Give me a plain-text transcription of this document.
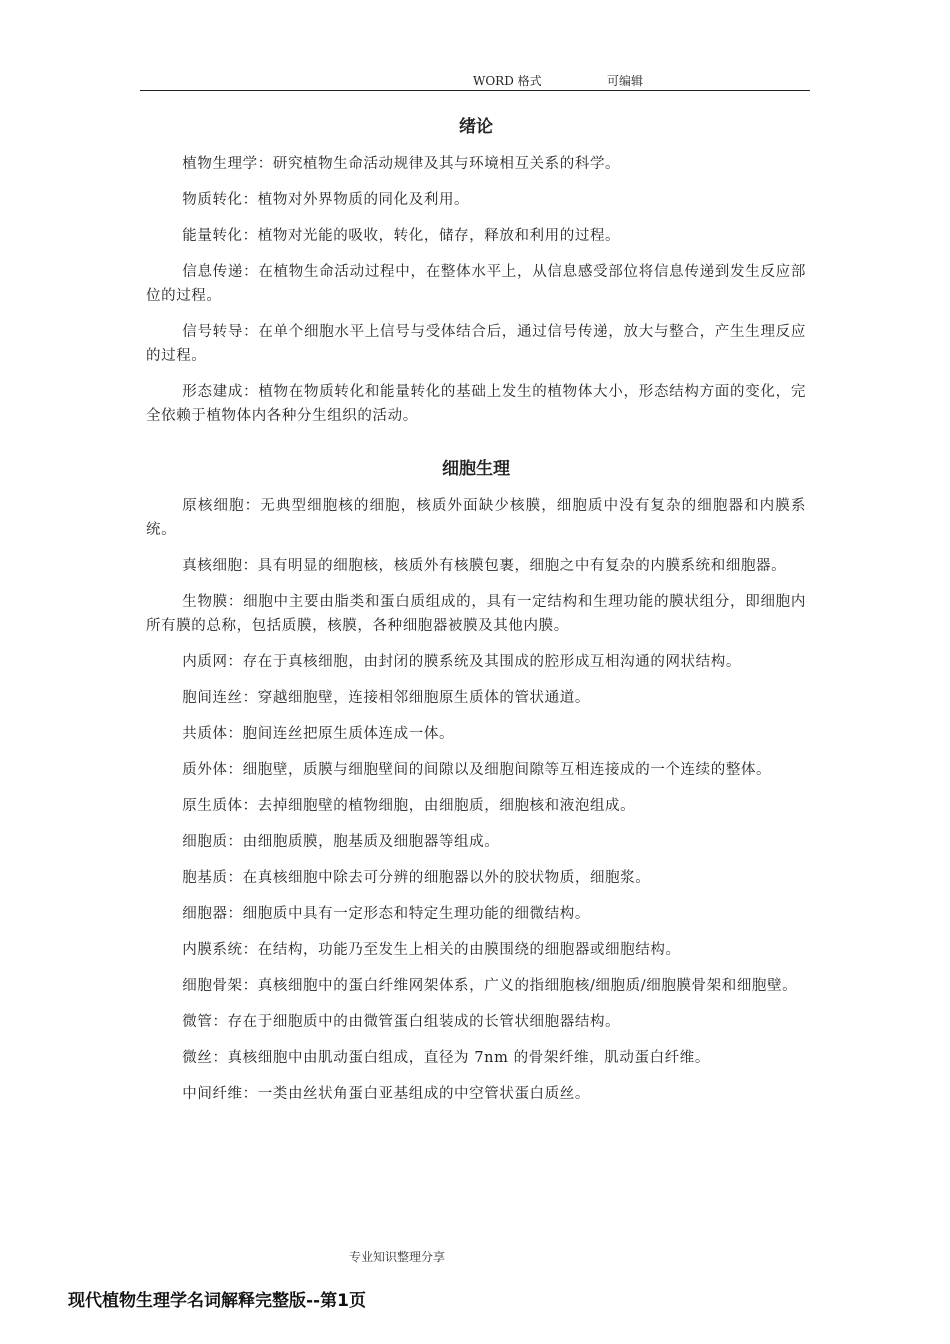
WORD 格式	可编辑
绪论

植物生理学：研究植物生命活动规律及其与环境相互关系的科学。

物质转化：植物对外界物质的同化及利用。

能量转化：植物对光能的吸收，转化，储存，释放和利用的过程。

信息传递：在植物生命活动过程中，在整体水平上，从信息感受部位将信息传递到发生反应部位的过程。

信号转导：在单个细胞水平上信号与受体结合后，通过信号传递，放大与整合，产生生理反应的过程。

形态建成：植物在物质转化和能量转化的基础上发生的植物体大小，形态结构方面的变化，完全依赖于植物体内各种分生组织的活动。

细胞生理

原核细胞：无典型细胞核的细胞，核质外面缺少核膜，细胞质中没有复杂的细胞器和内膜系统。

真核细胞：具有明显的细胞核，核质外有核膜包裹，细胞之中有复杂的内膜系统和细胞器。

生物膜：细胞中主要由脂类和蛋白质组成的，具有一定结构和生理功能的膜状组分，即细胞内所有膜的总称，包括质膜，核膜，各种细胞器被膜及其他内膜。

内质网：存在于真核细胞，由封闭的膜系统及其围成的腔形成互相沟通的网状结构。

胞间连丝：穿越细胞壁，连接相邻细胞原生质体的管状通道。

共质体：胞间连丝把原生质体连成一体。

质外体：细胞壁，质膜与细胞壁间的间隙以及细胞间隙等互相连接成的一个连续的整体。

原生质体：去掉细胞壁的植物细胞，由细胞质，细胞核和液泡组成。

细胞质：由细胞质膜，胞基质及细胞器等组成。

胞基质：在真核细胞中除去可分辨的细胞器以外的胶状物质，细胞浆。

细胞器：细胞质中具有一定形态和特定生理功能的细微结构。

内膜系统：在结构，功能乃至发生上相关的由膜围绕的细胞器或细胞结构。

细胞骨架：真核细胞中的蛋白纤维网架体系，广义的指细胞核/细胞质/细胞膜骨架和细胞壁。

微管：存在于细胞质中的由微管蛋白组装成的长管状细胞器结构。

微丝：真核细胞中由肌动蛋白组成，直径为 7nm 的骨架纤维，肌动蛋白纤维。

中间纤维：一类由丝状角蛋白亚基组成的中空管状蛋白质丝。

专业知识整理分享
现代植物生理学名词解释完整版--第1页
